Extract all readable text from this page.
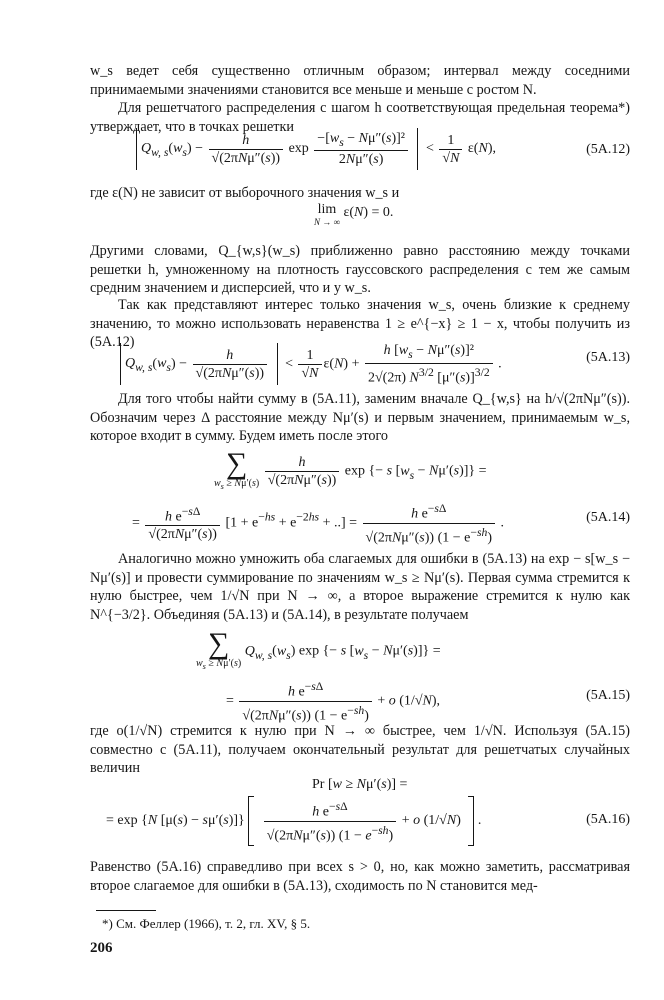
w_s ведет себя существенно отличным образом; интервал между соседними принимаемыми значениями становится все меньше и меньше с ростом N.

Для решетчатого распределения с шагом h соответствующая предельная теорема*) утверждает, что в точках решетки

$Q_{w, s}(w_s) - \frac{h}{\text{√(2πNμ″(s))}}$ $\exp \frac{-[w_s - N\mu''(s)]^2}{2N\mu''(s)} < \frac{1}{√N} \varepsilon(N)$,	(5А.12)

где ε(N) не зависит от выборочного значения w_s и

lim
N → ∞ ε(N) = 0.

Другими словами, Q_{w,s}(w_s) приближенно равно расстоянию между точками решетки h, умноженному на плотность гауссовского распределения с тем же самым средним значением и дисперсией, что и у w_s.

Так как представляют интерес только значения w_s, очень близкие к среднему значению, то можно использовать неравенства 1 ≥ e^{−x} ≥ 1 − x, чтобы получить из (5А.12)

$Q_{w, s}(w_s) - \frac{h}{\text{√(2πNμ″(s))}} < \frac{1}{√N} \varepsilon(N) + \frac{h [w_s - N\mu''(s)]^2}{2√(2\pi) N^{3/2} [\mu''(s)]^{3/2}}$ .	(5А.13)

Для того чтобы найти сумму в (5А.11), заменим вначале Q_{w,s} на h/√(2πNμ″(s)). Обозначим через Δ расстояние между Nμ′(s) и первым значением, принимаемым w_s, которое входит в сумму. Будем иметь после этого

∑
$w_s \ge N\mu'(s)$
$\frac{h}{\text{√(2πNμ″(s))}}$ exp {− s $[w_s - N\mu'(s)]$} =
= $\frac{h e^{-s\Delta}}{\text{√(2πNμ″(s))}} [1 + e^{-hs} + e^{-2hs}$ + ..] = $\frac{h e^{-s\Delta}}{√(2\pi N\mu''(s)) (1 - e^{-sh})}$ .	(5А.14)

Аналогично можно умножить оба слагаемых для ошибки в (5А.13) на exp − s[w_s − Nμ′(s)] и провести суммирование по значениям w_s ≥ Nμ′(s). Первая сумма стремится к нулю быстрее, чем 1/√N при N → ∞, а второе выражение стремится к нулю как N^{−3/2}. Объединяя (5А.13) и (5А.14), в результате получаем

∑
$w_s \ge N\mu'(s)$
$Q_{w, s}(w_s)$ exp {− s $[w_s - N\mu'(s)]$} =
= $\frac{h e^{-s\Delta}}{√(2\pi N\mu''(s)) (1 - e^{-sh})} + o$ (1/√N),	(5А.15)

где o(1/√N) стремится к нулю при N → ∞ быстрее, чем 1/√N. Используя (5А.15) совместно с (5А.11), получаем окончательный результат для решетчатых случайных величин

Pr [w ≥ Nμ′(s)] =
= exp {N $[\mu(s) - s\mu'(s)]\} \frac{h e^{-s\Delta}}{√(2\pi N\mu''(s)) (1 - e^{-sh})} + o$ (1/√N)  .	(5А.16)

Равенство (5А.16) справедливо при всех s > 0, но, как можно заметить, рассматривая второе слагаемое для ошибки в (5А.13), сходимость по N становится мед-

*) См. Феллер (1966), т. 2, гл. XV, § 5.
206
